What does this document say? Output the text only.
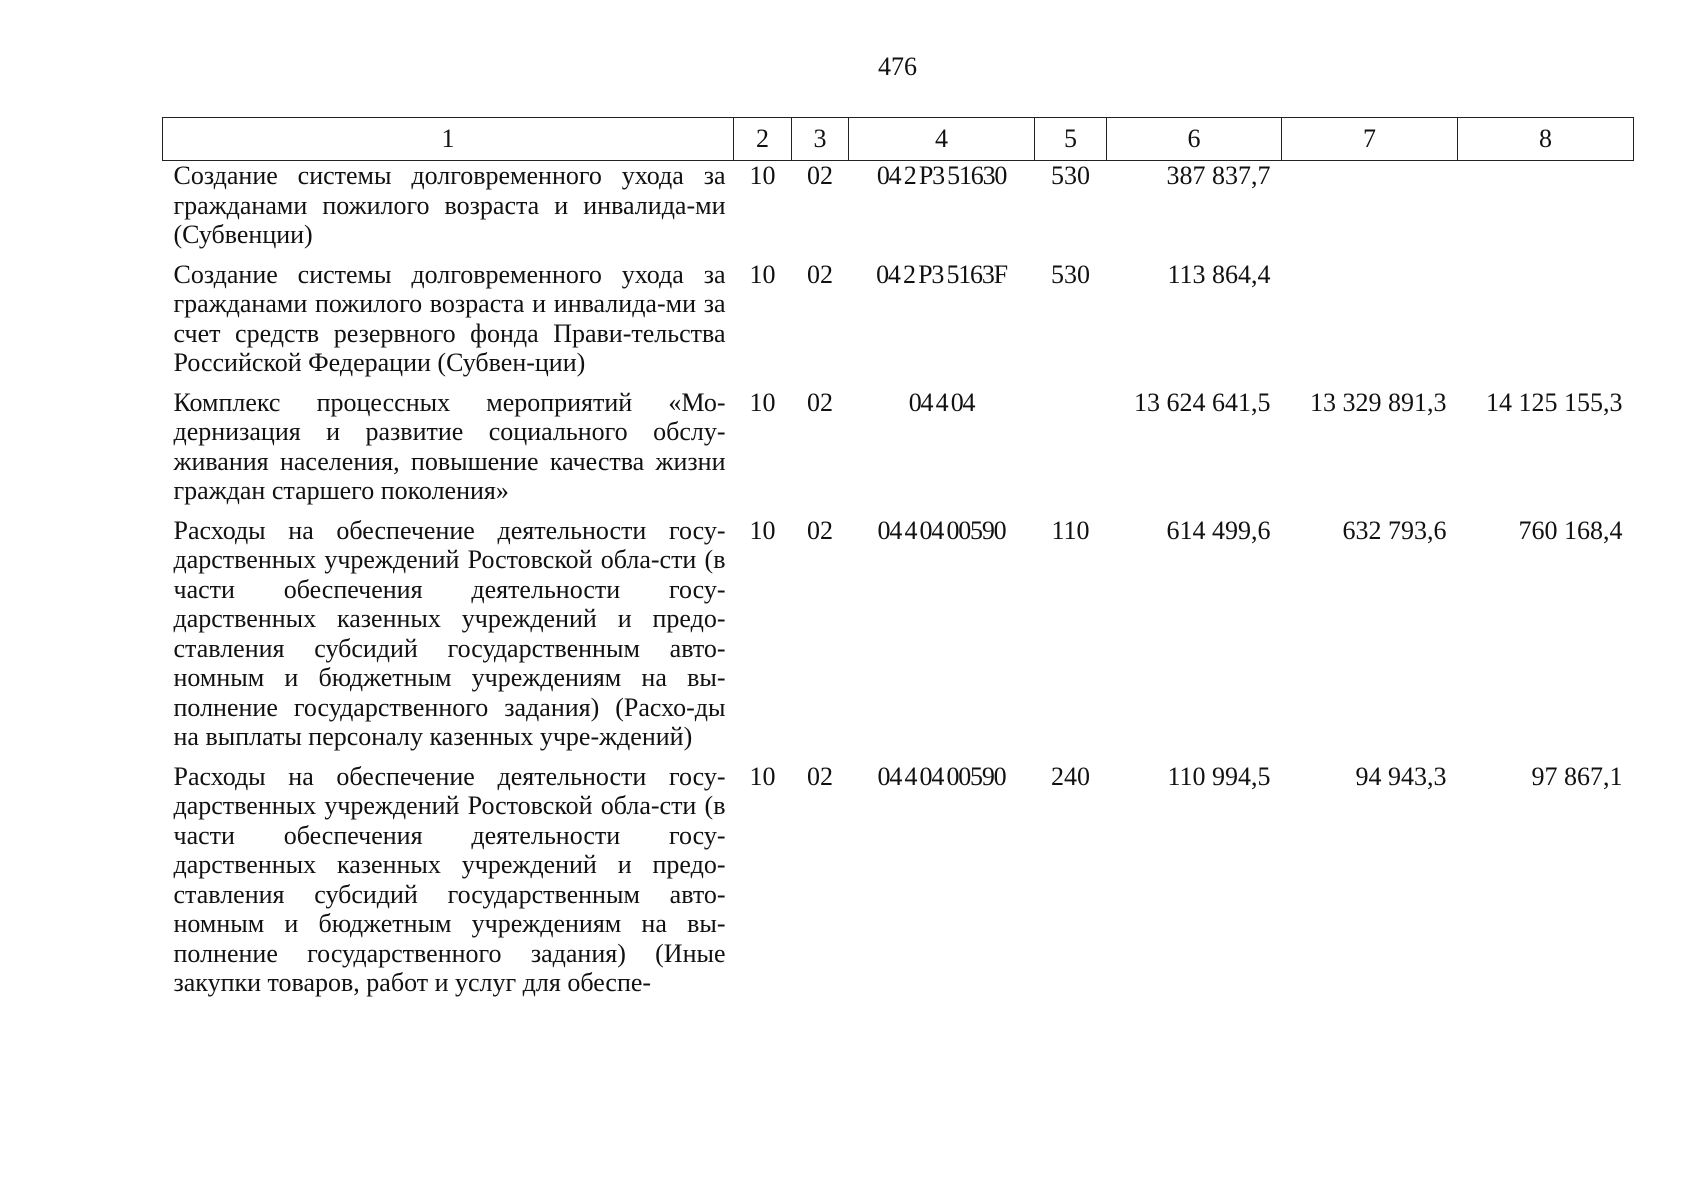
476
1	2	3	4	5	6	7	8
Создание системы долговременного ухода за гражданами пожилого возраста и инвалида-ми (Субвенции)	10	02	04 2 Р3 51630	530	387 837,7		
Создание системы долговременного ухода за гражданами пожилого возраста и инвалида-ми за счет средств резервного фонда Прави-тельства Российской Федерации (Субвен-ции)	10	02	04 2 Р3 5163F	530	113 864,4		
Комплекс процессных мероприятий «Мо-дернизация и развитие социального обслу-живания населения, повышение качества жизни граждан старшего поколения»	10	02	04 4 04		13 624 641,5	13 329 891,3	14 125 155,3
Расходы на обеспечение деятельности госу-дарственных учреждений Ростовской обла-сти (в части обеспечения деятельности госу-дарственных казенных учреждений и предо-ставления субсидий государственным авто-номным и бюджетным учреждениям на вы-полнение государственного задания) (Расхо-ды на выплаты персоналу казенных учре-ждений)	10	02	04 4 04 00590	110	614 499,6	632 793,6	760 168,4
Расходы на обеспечение деятельности госу-дарственных учреждений Ростовской обла-сти (в части обеспечения деятельности госу-дарственных казенных учреждений и предо-ставления субсидий государственным авто-номным и бюджетным учреждениям на вы-полнение государственного задания) (Иные закупки товаров, работ и услуг для обеспе-	10	02	04 4 04 00590	240	110 994,5	94 943,3	97 867,1
